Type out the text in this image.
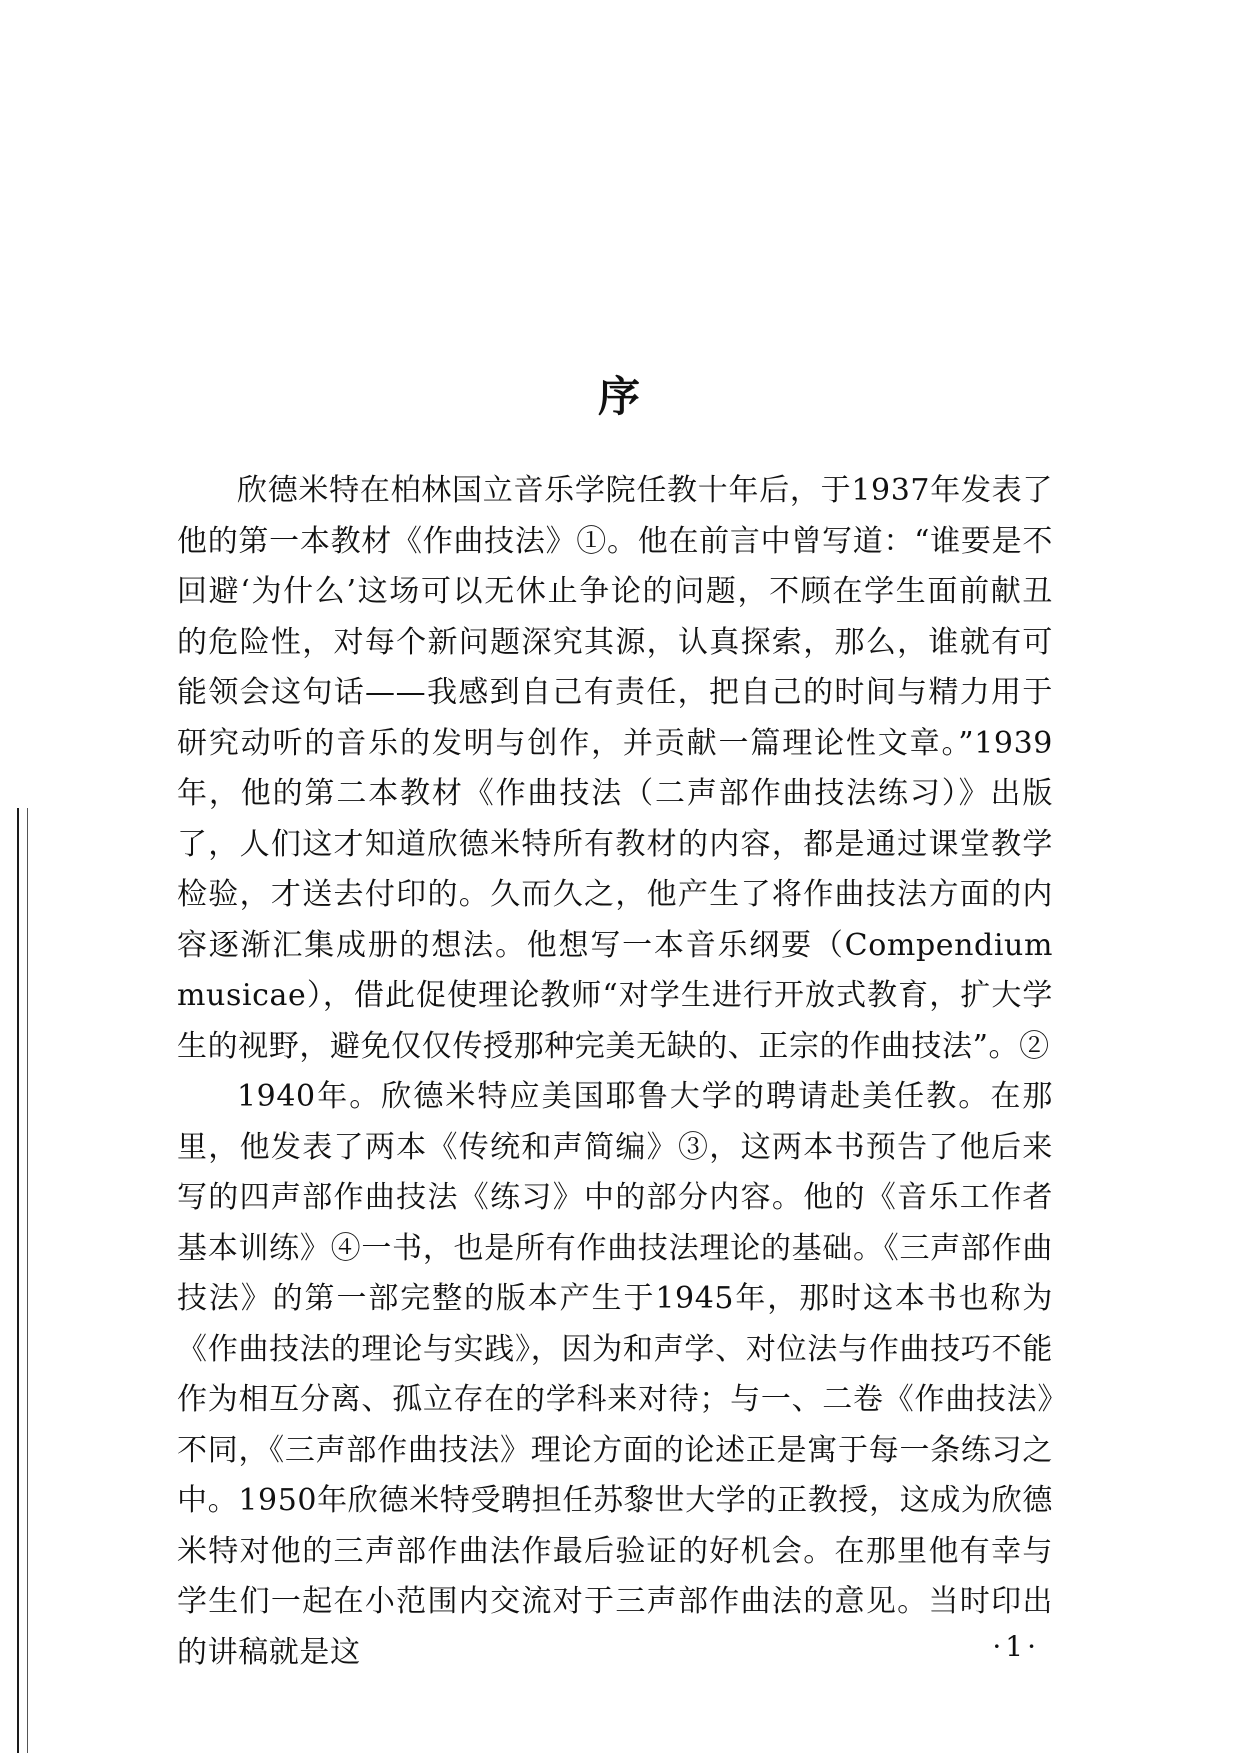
序

欣德米特在柏林国立音乐学院任教十年后，于1937年发表了他的第一本教材《作曲技法》①。他在前言中曾写道：“谁要是不回避‘为什么’这场可以无休止争论的问题，不顾在学生面前献丑的危险性，对每个新问题深究其源，认真探索，那么，谁就有可能领会这句话——我感到自己有责任，把自己的时间与精力用于研究动听的音乐的发明与创作，并贡献一篇理论性文章。”1939年，他的第二本教材《作曲技法（二声部作曲技法练习）》出版了，人们这才知道欣德米特所有教材的内容，都是通过课堂教学检验，才送去付印的。久而久之，他产生了将作曲技法方面的内容逐渐汇集成册的想法。他想写一本音乐纲要（Compendium musicae），借此促使理论教师“对学生进行开放式教育，扩大学生的视野，避免仅仅传授那种完美无缺的、正宗的作曲技法”。②

1940年。欣德米特应美国耶鲁大学的聘请赴美任教。在那里，他发表了两本《传统和声简编》③，这两本书预告了他后来写的四声部作曲技法《练习》中的部分内容。他的《音乐工作者基本训练》④一书，也是所有作曲技法理论的基础。《三声部作曲技法》的第一部完整的版本产生于1945年，那时这本书也称为《作曲技法的理论与实践》，因为和声学、对位法与作曲技巧不能作为相互分离、孤立存在的学科来对待；与一、二卷《作曲技法》不同，《三声部作曲技法》理论方面的论述正是寓于每一条练习之中。1950年欣德米特受聘担任苏黎世大学的正教授，这成为欣德米特对他的三声部作曲法作最后验证的好机会。在那里他有幸与学生们一起在小范围内交流对于三声部作曲法的意见。当时印出的讲稿就是这	·1·
